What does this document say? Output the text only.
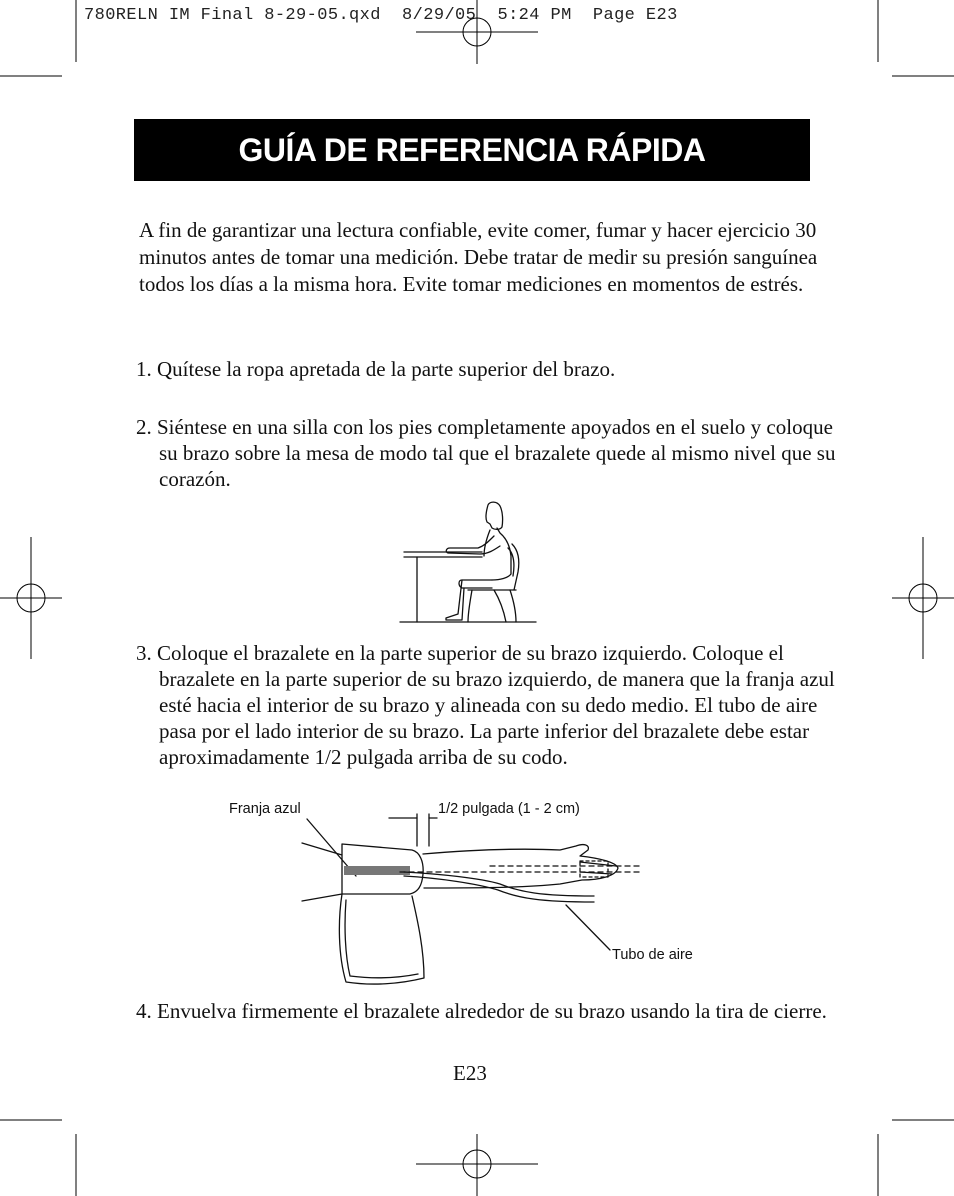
780RELN IM Final 8-29-05.qxd  8/29/05  5:24 PM  Page E23
GUÍA DE REFERENCIA RÁPIDA
A fin de garantizar una lectura confiable, evite comer, fumar y hacer ejercicio 30 minutos antes de tomar una medición. Debe tratar de medir su presión sanguínea todos los días a la misma hora. Evite tomar mediciones en momentos de estrés.
1. Quítese la ropa apretada de la parte superior del brazo.
2. Siéntese en una silla con los pies completamente apoyados en el suelo y coloque su brazo sobre la mesa de modo tal que el brazalete quede al mismo nivel que su corazón.
3. Coloque el brazalete en la parte superior de su brazo izquierdo. Coloque el brazalete en la parte superior de su brazo izquierdo, de manera que la franja azul esté hacia el interior de su brazo y alineada con su dedo medio. El tubo de aire pasa por el lado interior de su brazo. La parte inferior del brazalete debe estar aproximadamente 1/2 pulgada arriba de su codo.
Franja azul	1/2 pulgada (1 - 2 cm)
Tubo de aire
4. Envuelva firmemente el brazalete alrededor de su brazo usando la tira de cierre.
E23
